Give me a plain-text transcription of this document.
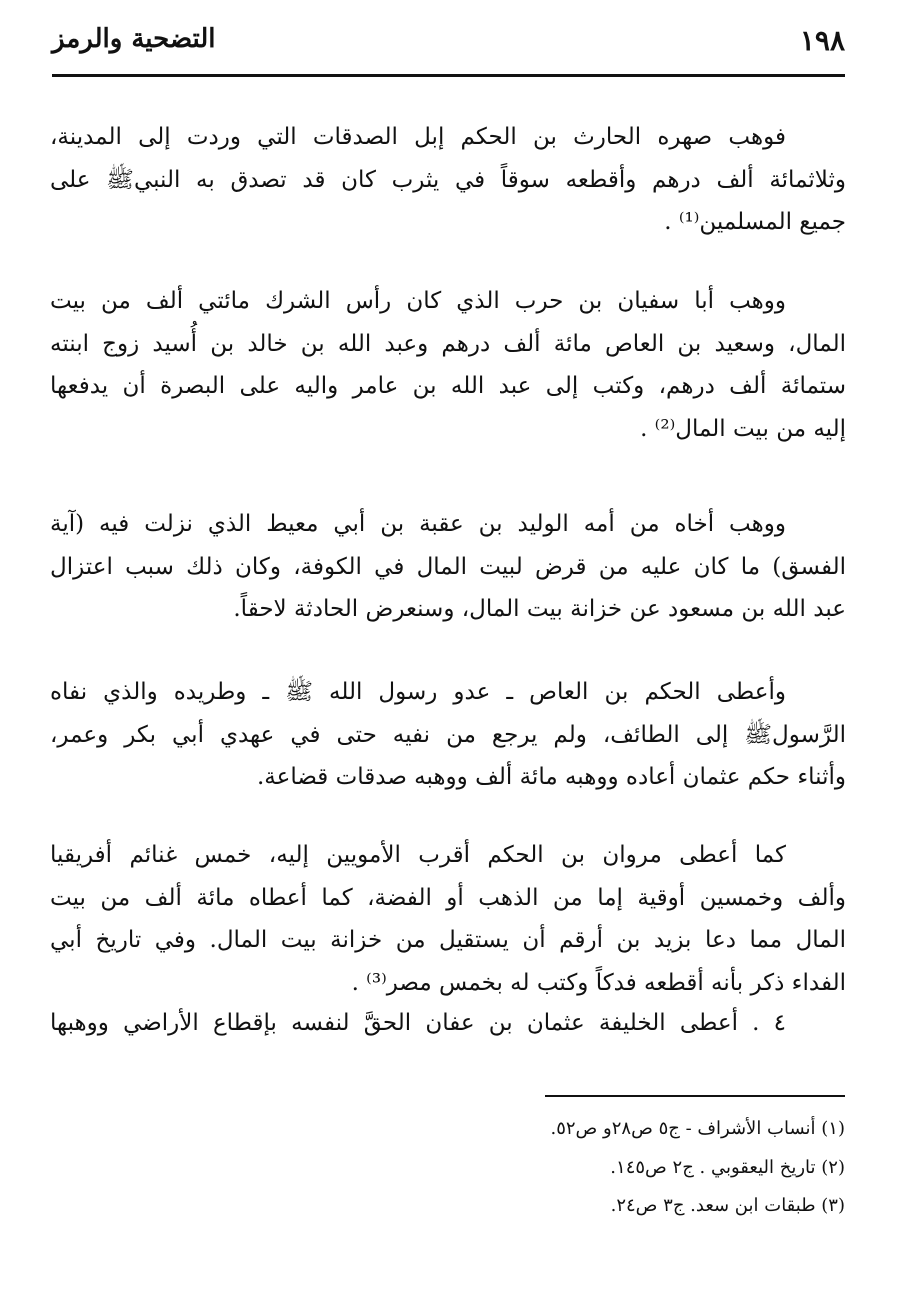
١٩٨
التضحية والرمز
فوهب صهره الحارث بن الحكم إبل الصدقات التي وردت إلى المدينة،
وثلاثمائة ألف درهم وأقطعه سوقاً في يثرب كان قد تصدق به النبيﷺ على
جميع المسلمين⁽¹⁾ .
ووهب أبا سفيان بن حرب الذي كان رأس الشرك مائتي ألف من بيت
المال، وسعيد بن العاص مائة ألف درهم وعبد الله بن خالد بن أُسيد زوج ابنته
ستمائة ألف درهم، وكتب إلى عبد الله بن عامر واليه على البصرة أن يدفعها
إليه من بيت المال⁽²⁾ .
ووهب أخاه من أمه الوليد بن عقبة بن أبي معيط الذي نزلت فيه (آية
الفسق) ما كان عليه من قرض لبيت المال في الكوفة، وكان ذلك سبب اعتزال
عبد الله بن مسعود عن خزانة بيت المال، وسنعرض الحادثة لاحقاً.
وأعطى الحكم بن العاص ـ عدو رسول الله ﷺ ـ وطريده والذي نفاه
الرَّسولﷺ إلى الطائف، ولم يرجع من نفيه حتى في عهدي أبي بكر وعمر،
وأثناء حكم عثمان أعاده ووهبه مائة ألف ووهبه صدقات قضاعة.
كما أعطى مروان بن الحكم أقرب الأمويين إليه، خمس غنائم أفريقيا
وألف وخمسين أوقية إما من الذهب أو الفضة، كما أعطاه مائة ألف من بيت
المال مما دعا بزيد بن أرقم أن يستقيل من خزانة بيت المال. وفي تاريخ أبي
الفداء ذكر بأنه أقطعه فدكاً وكتب له بخمس مصر⁽³⁾ .
٤ . أعطى الخليفة عثمان بن عفان الحقَّ لنفسه بإقطاع الأراضي ووهبها
(١) أنساب الأشراف - ج٥ ص٢٨و ص٥٢.
(٢) تاريخ اليعقوبي . ج٢ ص١٤٥.
(٣) طبقات ابن سعد. ج٣ ص٢٤.
